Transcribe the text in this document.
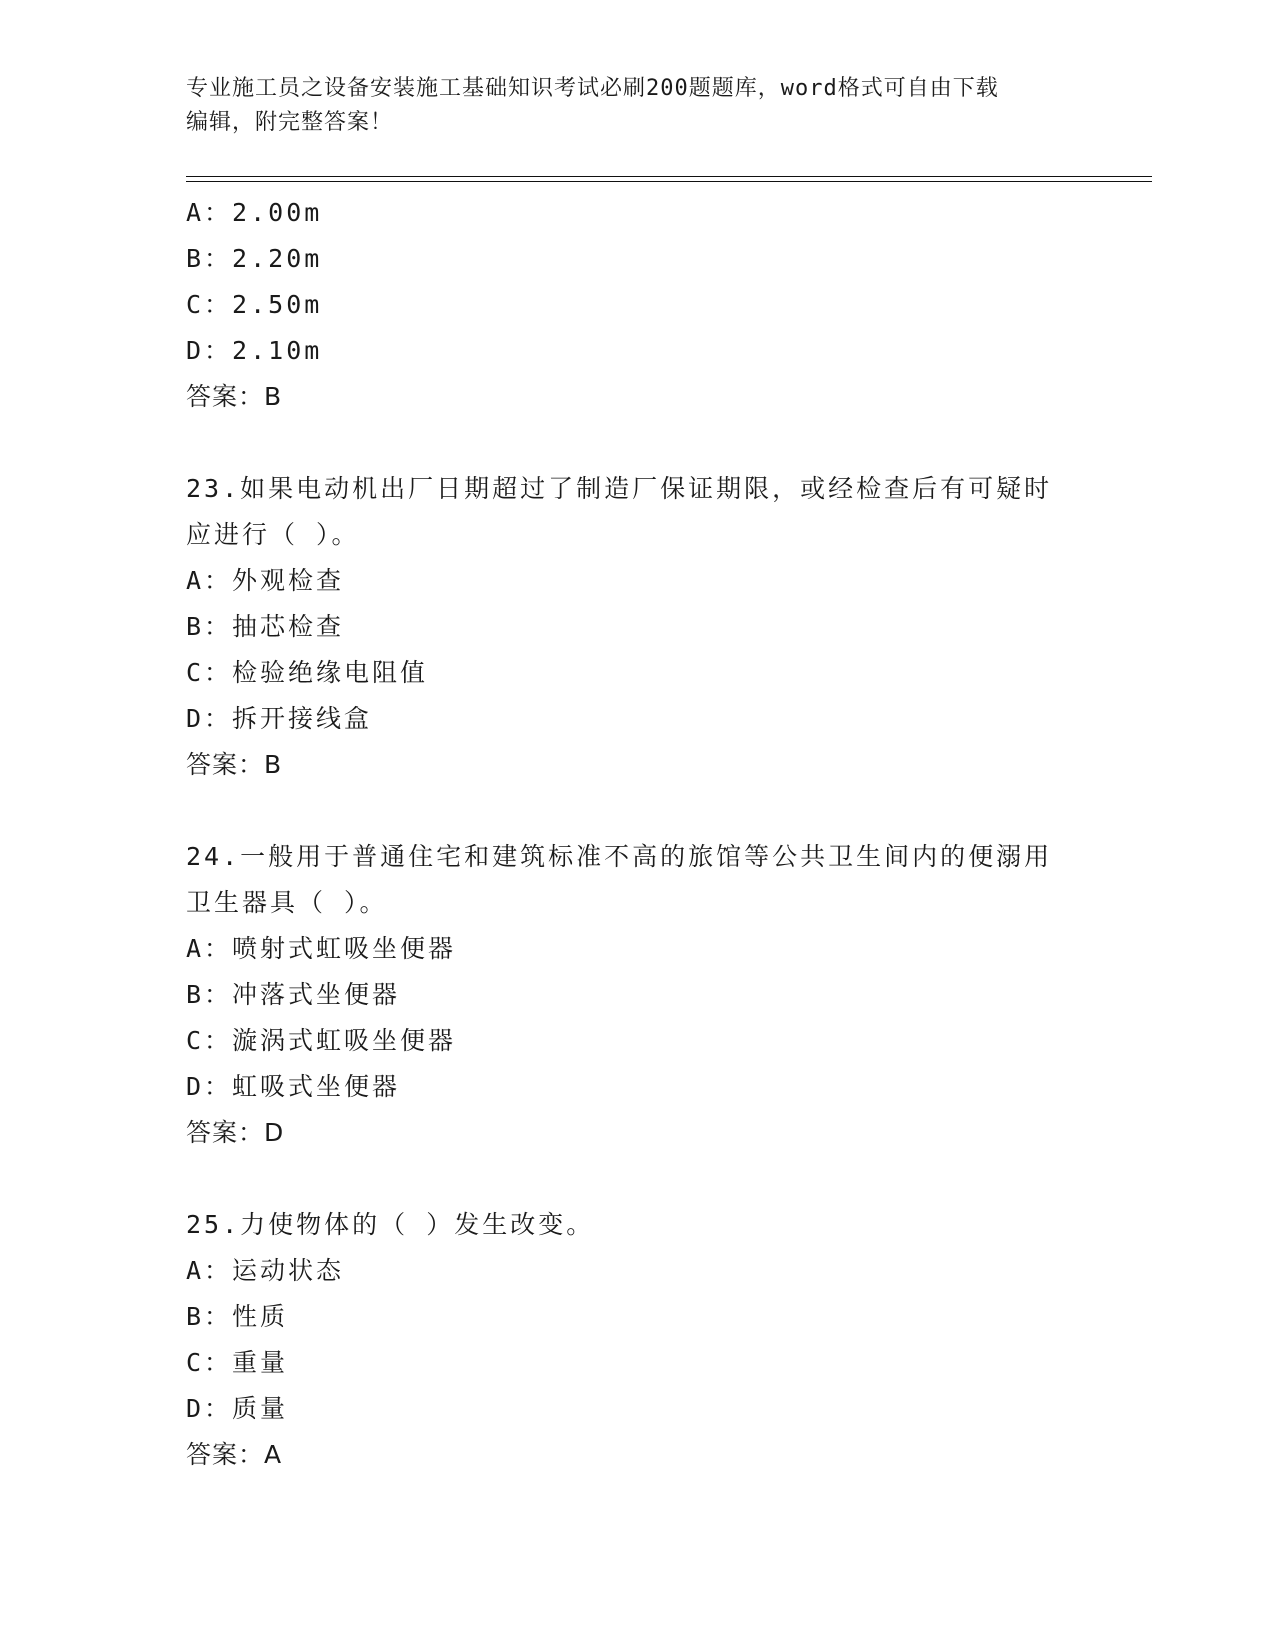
专业施工员之设备安装施工基础知识考试必刷200题题库，word格式可自由下载
编辑，附完整答案！
A：2.00m
B：2.20m
C：2.50m
D：2.10m
答案：B
23.如果电动机出厂日期超过了制造厂保证期限，或经检查后有可疑时
应进行（ ）。
A：外观检查
B：抽芯检查
C：检验绝缘电阻值
D：拆开接线盒
答案：B
24.一般用于普通住宅和建筑标准不高的旅馆等公共卫生间内的便溺用
卫生器具（ ）。
A：喷射式虹吸坐便器
B：冲落式坐便器
C：漩涡式虹吸坐便器
D：虹吸式坐便器
答案：D
25.力使物体的（ ）发生改变。
A：运动状态
B：性质
C：重量
D：质量
答案：A
